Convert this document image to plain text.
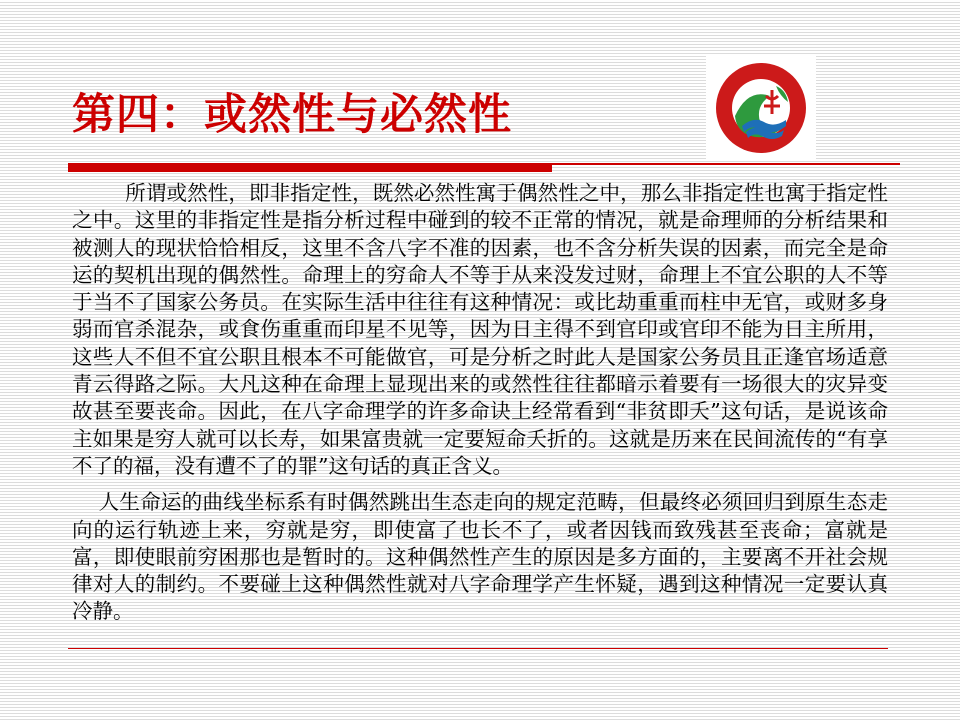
第四：或然性与必然性

所谓或然性，即非指定性，既然必然性寓于偶然性之中，那么非指定性也寓于指定性之中。这里的非指定性是指分析过程中碰到的较不正常的情况，就是命理师的分析结果和被测人的现状恰恰相反，这里不含八字不准的因素，也不含分析失误的因素，而完全是命运的契机出现的偶然性。命理上的穷命人不等于从来没发过财，命理上不宜公职的人不等于当不了国家公务员。在实际生活中往往有这种情况：或比劫重重而柱中无官，或财多身弱而官杀混杂，或食伤重重而印星不见等，因为日主得不到官印或官印不能为日主所用，这些人不但不宜公职且根本不可能做官，可是分析之时此人是国家公务员且正逢官场适意青云得路之际。大凡这种在命理上显现出来的或然性往往都暗示着要有一场很大的灾异变故甚至要丧命。因此，在八字命理学的许多命诀上经常看到“非贫即夭”这句话，是说该命主如果是穷人就可以长寿，如果富贵就一定要短命夭折的。这就是历来在民间流传的“有享不了的福，没有遭不了的罪”这句话的真正含义。

人生命运的曲线坐标系有时偶然跳出生态走向的规定范畴，但最终必须回归到原生态走向的运行轨迹上来，穷就是穷，即使富了也长不了，或者因钱而致残甚至丧命；富就是富，即使眼前穷困那也是暂时的。这种偶然性产生的原因是多方面的，主要离不开社会规律对人的制约。不要碰上这种偶然性就对八字命理学产生怀疑，遇到这种情况一定要认真冷静。
